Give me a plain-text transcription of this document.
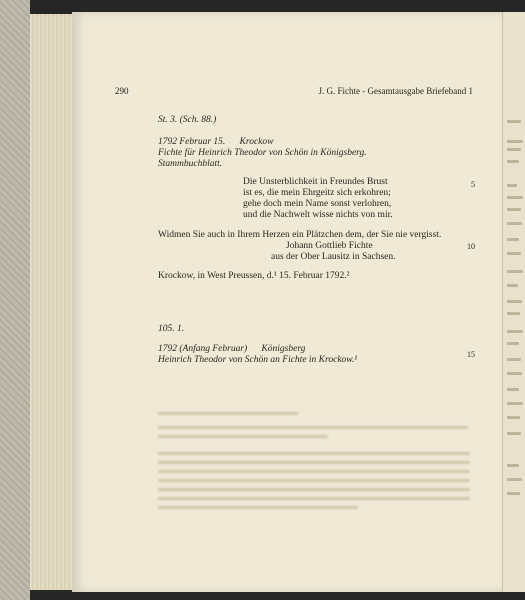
290	J. G. Fichte - Gesamtausgabe Briefeband 1
St. 3. (Sch. 88.)
1792 Februar 15.      Krockow
Fichte für Heinrich Theodor von Schön in Königsberg.
Stammbuchblatt.
Die Unsterblichkeit in Freundes Brust
ist es, die mein Ehrgeitz sich erkohren;
gehe doch mein Name sonst verlohren,
und die Nachwelt wisse nichts von mir.
Widmen Sie auch in Ihrem Herzen ein Plätzchen dem, der Sie nie vergisst.
Johann Gottlieb Fichte
aus der Ober Lausitz in Sachsen.
Krockow, in West Preussen, d.¹ 15. Februar 1792.²
105. 1.
1792 (Anfang Februar)      Königsberg
Heinrich Theodor von Schön an Fichte in Krockow.¹
5
10
15
